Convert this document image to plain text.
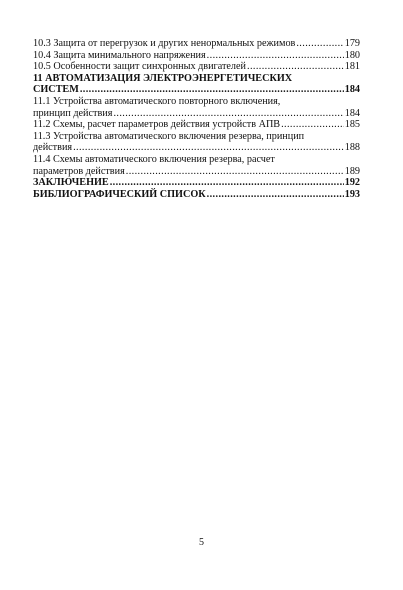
10.3 Защита от перегрузок и других ненормальных режимов .....	179
10.4 Защита минимального напряжения .....	180
10.5 Особенности защит синхронных двигателей .....	181
11 АВТОМАТИЗАЦИЯ ЭЛЕКТРОЭНЕРГЕТИЧЕСКИХ
СИСТЕМ .....	184
11.1 Устройства автоматического повторного включения,
принцип действия .....	184
11.2 Схемы, расчет параметров действия устройств АПВ .....	185
11.3 Устройства автоматического включения резерва, принцип
действия .....	188
11.4 Схемы автоматического включения резерва, расчет
параметров действия .....	189
ЗАКЛЮЧЕНИЕ .....	192
БИБЛИОГРАФИЧЕСКИЙ СПИСОК .....	193
5
